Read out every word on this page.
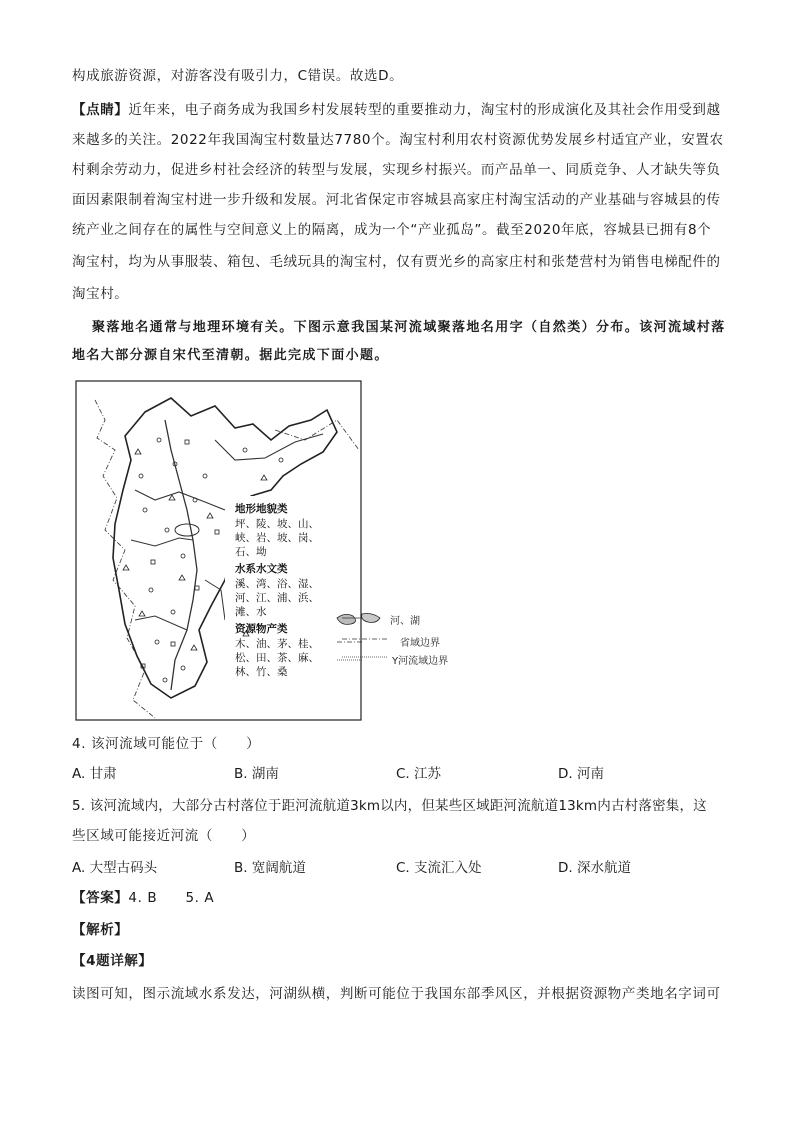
构成旅游资源，对游客没有吸引力，C错误。故选D。
【点睛】近年来，电子商务成为我国乡村发展转型的重要推动力，淘宝村的形成演化及其社会作用受到越
来越多的关注。2022年我国淘宝村数量达7780个。淘宝村利用农村资源优势发展乡村适宜产业，安置农
村剩余劳动力，促进乡村社会经济的转型与发展，实现乡村振兴。而产品单一、同质竞争、人才缺失等负
面因素限制着淘宝村进一步升级和发展。河北省保定市容城县高家庄村淘宝活动的产业基础与容城县的传
统产业之间存在的属性与空间意义上的隔离，成为一个“产业孤岛”。截至2020年底，容城县已拥有8个
淘宝村，均为从事服装、箱包、毛绒玩具的淘宝村，仅有贾光乡的高家庄村和张楚营村为销售电梯配件的
淘宝村。
聚落地名通常与地理环境有关。下图示意我国某河流域聚落地名用字（自然类）分布。该河流域村落
地名大部分源自宋代至清朝。据此完成下面小题。
地形地貌类
坪、陵、坡、山、
峡、岩、坡、岗、
石、坳
水系水文类
溪、湾、浴、湿、
河、江、浦、浜、
滩、水
资源物产类
木、油、茅、桂、
松、田、茶、麻、
林、竹、桑
河、湖
省域边界
Y河流域边界
4. 该河流域可能位于（　　）
A. 甘肃	B. 湖南	C. 江苏	D. 河南
5. 该河流域内，大部分古村落位于距河流航道3km以内，但某些区域距河流航道13km内古村落密集，这
些区域可能接近河流（　　）
A. 大型古码头	B. 宽阔航道	C. 支流汇入处	D. 深水航道
【答案】4. B　　5. A
【解析】
【4题详解】
读图可知，图示流域水系发达，河湖纵横，判断可能位于我国东部季风区，并根据资源物产类地名字词可
